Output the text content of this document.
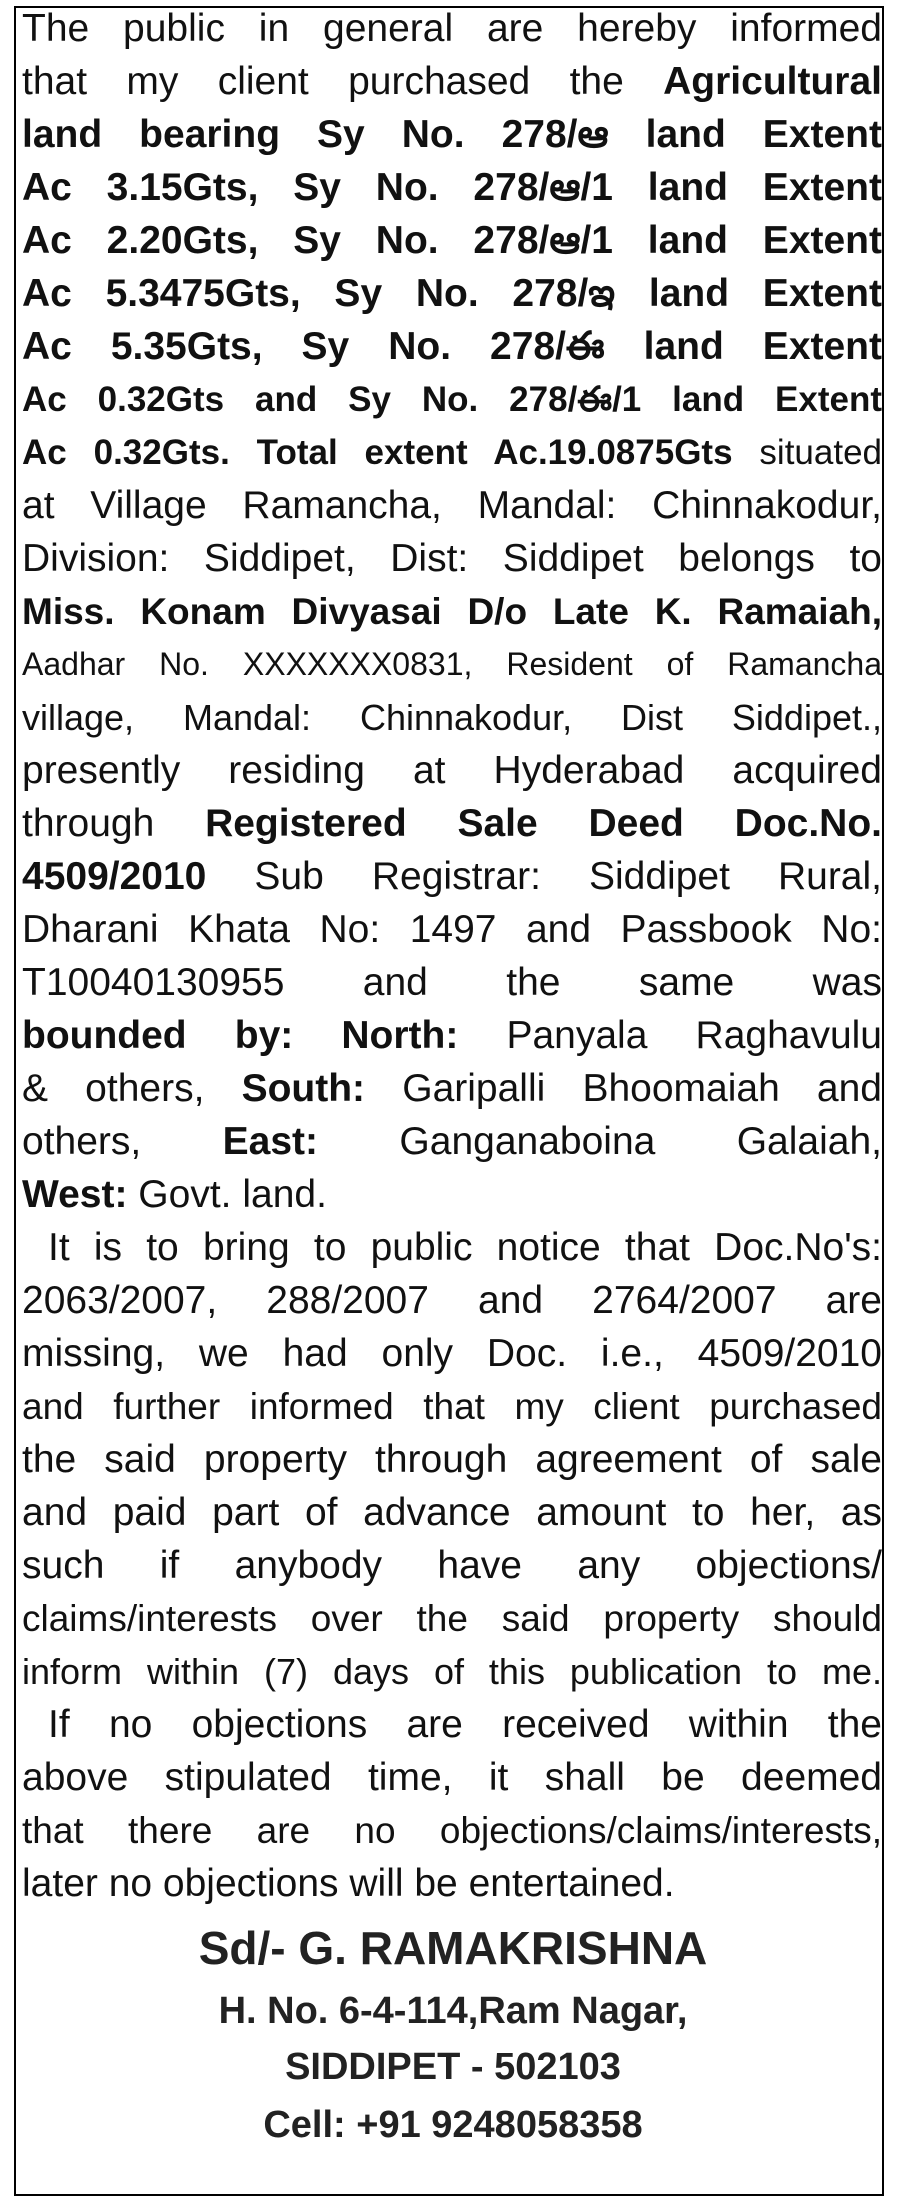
The public in general are hereby informed
that my client purchased the Agricultural
land bearing Sy No. 278/ఆ land Extent
Ac 3.15Gts, Sy No. 278/ఆ/1 land Extent
Ac 2.20Gts, Sy No. 278/ఆ/1 land Extent
Ac 5.3475Gts, Sy No. 278/ఇ land Extent
Ac 5.35Gts, Sy No. 278/ఈ land Extent
Ac 0.32Gts and Sy No. 278/ఈ/1 land Extent
Ac 0.32Gts. Total extent Ac.19.0875Gts situated
at Village Ramancha, Mandal: Chinnakodur,
Division: Siddipet, Dist: Siddipet belongs to
Miss. Konam Divyasai D/o Late K. Ramaiah,
Aadhar No. XXXXXXX0831, Resident of Ramancha
village, Mandal: Chinnakodur, Dist Siddipet.,
presently residing at Hyderabad acquired
through Registered Sale Deed Doc.No.
4509/2010 Sub Registrar: Siddipet Rural,
Dharani Khata No: 1497 and Passbook No:
T10040130955 and the same was
bounded by: North: Panyala Raghavulu
& others, South: Garipalli Bhoomaiah and
others, East: Ganganaboina Galaiah,
West: Govt. land.
It is to bring to public notice that Doc.No's:
2063/2007, 288/2007 and 2764/2007 are
missing, we had only Doc. i.e., 4509/2010
and further informed that my client purchased
the said property through agreement of sale
and paid part of advance amount to her, as
such if anybody have any objections/
claims/interests over the said property should
inform within (7) days of this publication to me.
If no objections are received within the
above stipulated time, it shall be deemed
that there are no objections/claims/interests,
later no objections will be entertained.
Sd/- G. RAMAKRISHNA
H. No. 6-4-114,Ram Nagar,
SIDDIPET - 502103
Cell: +91 9248058358
